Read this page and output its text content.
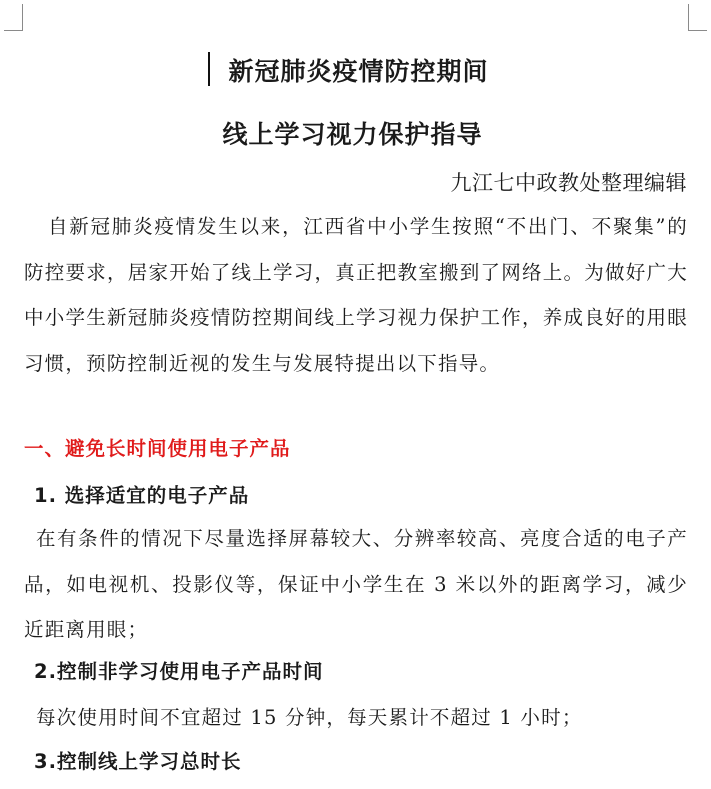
新冠肺炎疫情防控期间
线上学习视力保护指导
九江七中政教处整理编辑
自新冠肺炎疫情发生以来，江西省中小学生按照“不出门、不聚集”的防控要求，居家开始了线上学习，真正把教室搬到了网络上。为做好广大中小学生新冠肺炎疫情防控期间线上学习视力保护工作，养成良好的用眼习惯，预防控制近视的发生与发展特提出以下指导。
一、避免长时间使用电子产品
1. 选择适宜的电子产品
在有条件的情况下尽量选择屏幕较大、分辨率较高、亮度合适的电子产品，如电视机、投影仪等，保证中小学生在 3 米以外的距离学习，减少近距离用眼；
2.控制非学习使用电子产品时间
每次使用时间不宜超过 15 分钟，每天累计不超过 1 小时；
3.控制线上学习总时长
